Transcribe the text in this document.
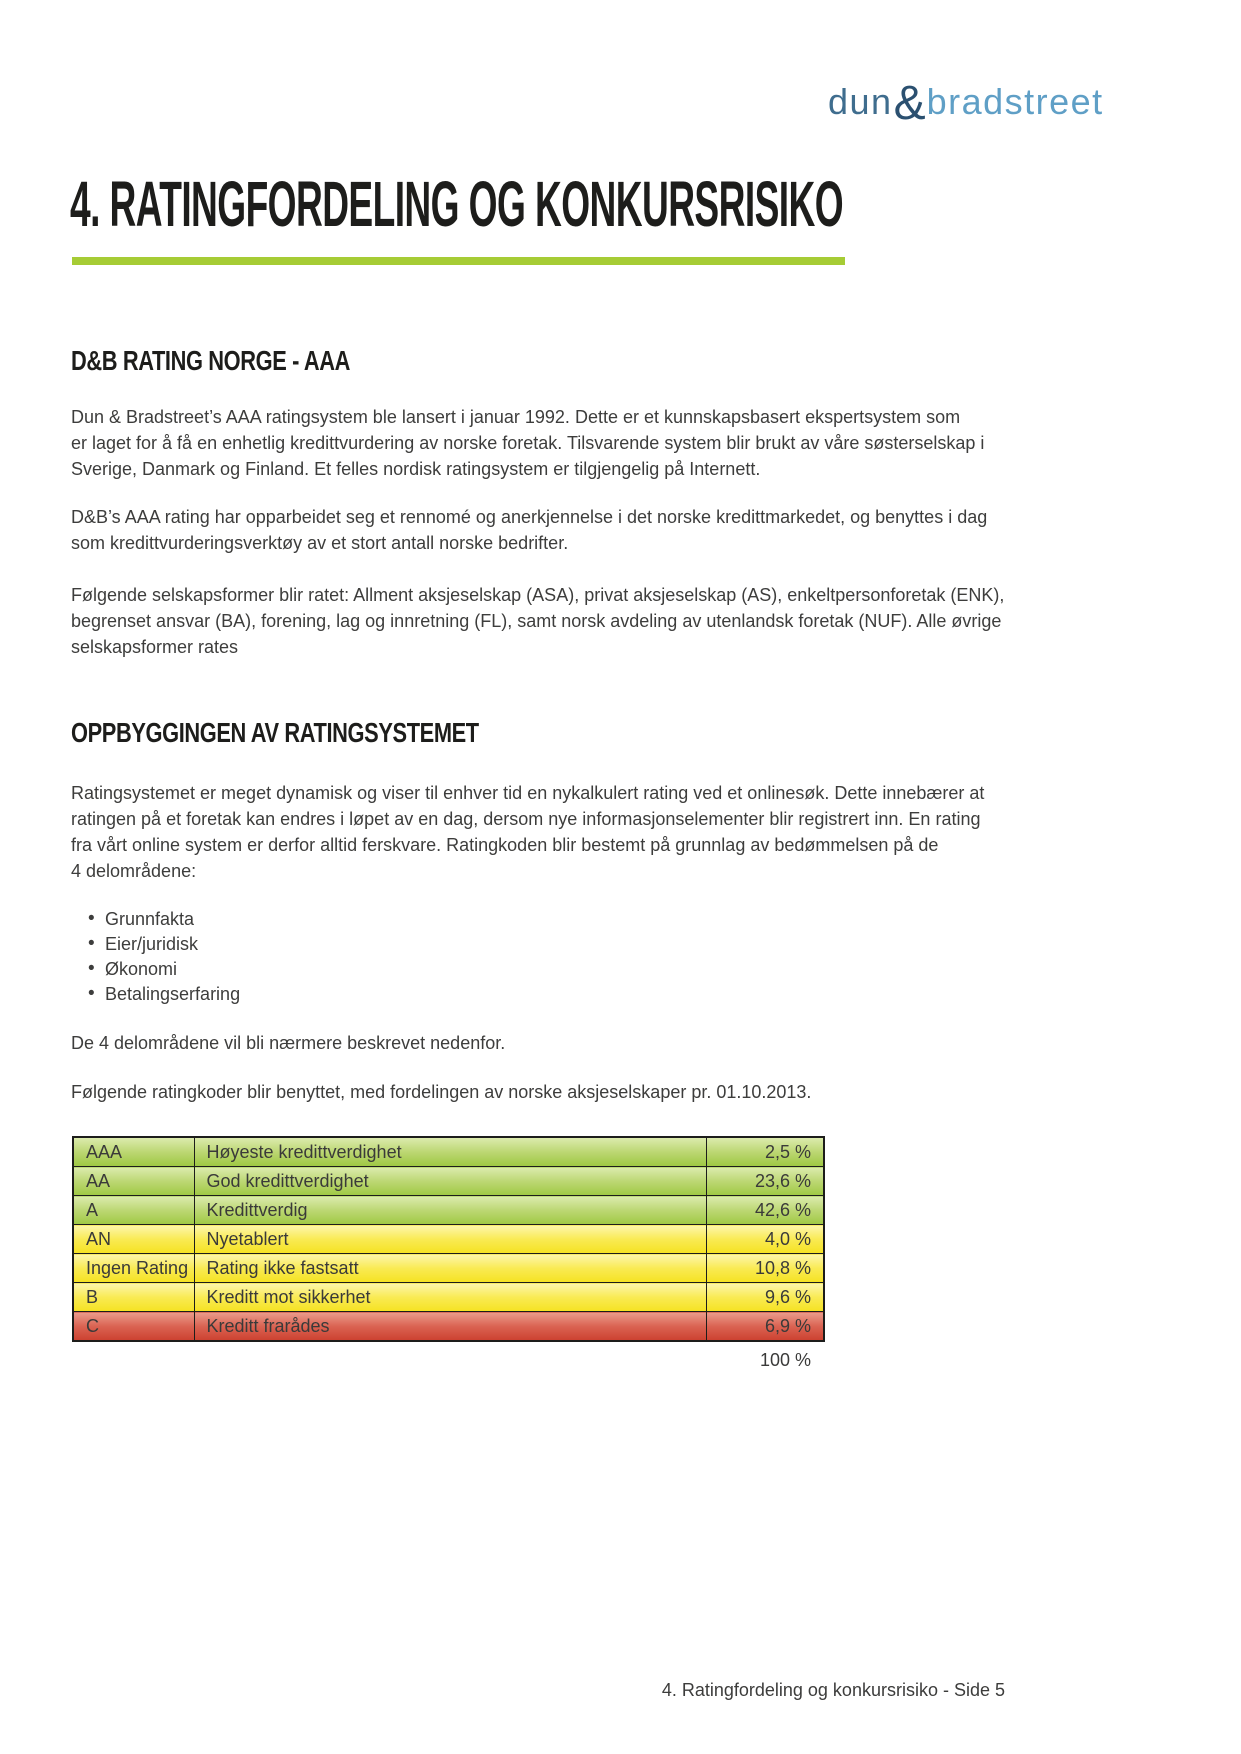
dun & bradstreet
4. RATINGFORDELING OG KONKURSRISIKO
D&B RATING NORGE - AAA
Dun & Bradstreet’s AAA ratingsystem ble lansert i januar 1992. Dette er et kunnskapsbasert ekspertsystem som
er laget for å få en enhetlig kredittvurdering av norske foretak. Tilsvarende system blir brukt av våre søsterselskap i
Sverige, Danmark og Finland. Et felles nordisk ratingsystem er tilgjengelig på Internett.
D&B’s AAA rating har opparbeidet seg et rennomé og anerkjennelse i det norske kredittmarkedet, og benyttes i dag
som kredittvurderingsverktøy av et stort antall norske bedrifter.
Følgende selskapsformer blir ratet: Allment aksjeselskap (ASA), privat aksjeselskap (AS), enkeltpersonforetak (ENK),
begrenset ansvar (BA), forening, lag og innretning (FL), samt norsk avdeling av utenlandsk foretak (NUF). Alle øvrige
selskapsformer rates
OPPBYGGINGEN AV RATINGSYSTEMET
Ratingsystemet er meget dynamisk og viser til enhver tid en nykalkulert rating ved et onlinesøk. Dette innebærer at
ratingen på et foretak kan endres i løpet av en dag, dersom nye informasjonselementer blir registrert inn. En rating
fra vårt online system er derfor alltid ferskvare. Ratingkoden blir bestemt på grunnlag av bedømmelsen på de
4 delområdene:
• Grunnfakta
• Eier/juridisk
• Økonomi
• Betalingserfaring
De 4 delområdene vil bli nærmere beskrevet nedenfor.
Følgende ratingkoder blir benyttet, med fordelingen av norske aksjeselskaper pr. 01.10.2013.
AAA	Høyeste kredittverdighet	2,5 %
AA	God kredittverdighet	23,6 %
A	Kredittverdig	42,6 %
AN	Nyetablert	4,0 %
Ingen Rating	Rating ikke fastsatt	10,8 %
B	Kreditt mot sikkerhet	9,6 %
C	Kreditt frarådes	6,9 %
100 %
4. Ratingfordeling og konkursrisiko - Side 5
